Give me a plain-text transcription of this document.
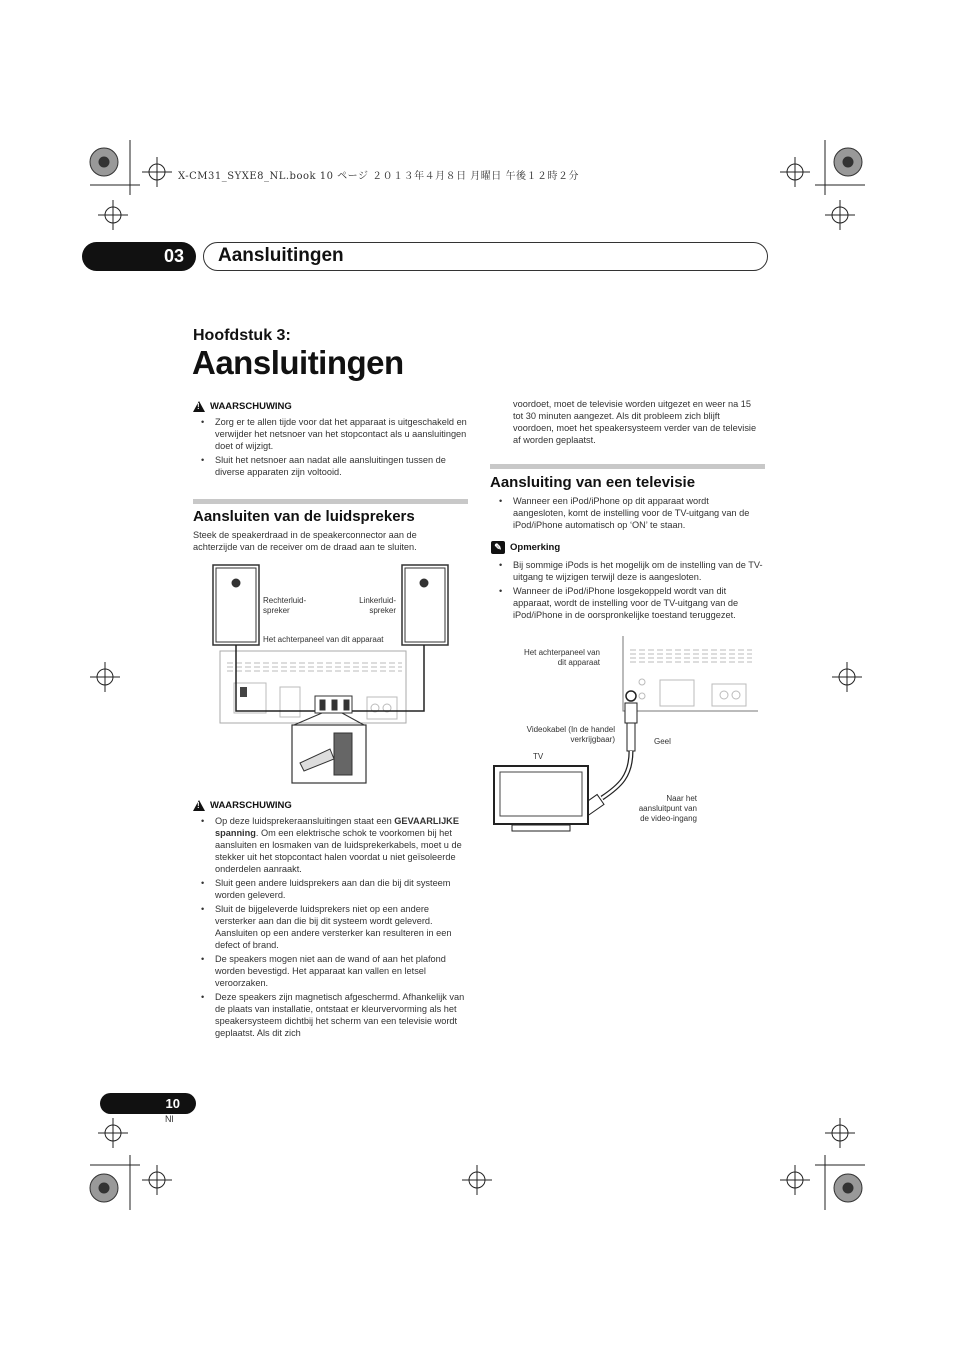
X-CM31_SYXE8_NL.book 10 ページ ２０１３年４月８日 月曜日 午後１２時２分
03	Aansluitingen
Hoofdstuk 3:
Aansluitingen
!
WAARSCHUWING
• Zorg er te allen tijde voor dat het apparaat is uitgeschakeld en verwijder het netsnoer van het stopcontact als u aansluitingen doet of wijzigt.
• Sluit het netsnoer aan nadat alle aansluitingen tussen de diverse apparaten zijn voltooid.
Aansluiten van de luidsprekers
Steek de speakerdraad in de speakerconnector aan de achterzijde van de receiver om de draad aan te sluiten.
Rechterluid-
spreker
Linkerluid-
spreker
Het achterpaneel van dit apparaat
!
WAARSCHUWING
• Op deze luidsprekeraansluitingen staat een GEVAARLIJKE spanning. Om een elektrische schok te voorkomen bij het aansluiten en losmaken van de luidsprekerkabels, moet u de stekker uit het stopcontact halen voordat u niet geïsoleerde onderdelen aanraakt.
• Sluit geen andere luidsprekers aan dan die bij dit systeem worden geleverd.
• Sluit de bijgeleverde luidsprekers niet op een andere versterker aan dan die bij dit systeem wordt geleverd. Aansluiten op een andere versterker kan resulteren in een defect of brand.
• De speakers mogen niet aan de wand of aan het plafond worden bevestigd. Het apparaat kan vallen en letsel veroorzaken.
• Deze speakers zijn magnetisch afgeschermd. Afhankelijk van de plaats van installatie, ontstaat er kleurvervorming als het speakersysteem dichtbij het scherm van een televisie wordt geplaatst. Als dit zich
voordoet, moet de televisie worden uitgezet en weer na 15 tot 30 minuten aangezet. Als dit probleem zich blijft voordoen, moet het speakersysteem verder van de televisie af worden geplaatst.
Aansluiting van een televisie
• Wanneer een iPod/iPhone op dit apparaat wordt aangesloten, komt de instelling voor de TV-uitgang van de iPod/iPhone automatisch op ‘ON’ te staan.
✎ Opmerking
• Bij sommige iPods is het mogelijk om de instelling van de TV-uitgang te wijzigen terwijl deze is aangesloten.
• Wanneer de iPod/iPhone losgekoppeld wordt van dit apparaat, wordt de instelling voor de TV-uitgang van de iPod/iPhone in de oorspronkelijke toestand teruggezet.
Het achterpaneel van
dit apparaat
Videokabel (In de handel
verkrijgbaar)	Geel
TV
Naar het
aansluitpunt van
de video-ingang
10
Nl
